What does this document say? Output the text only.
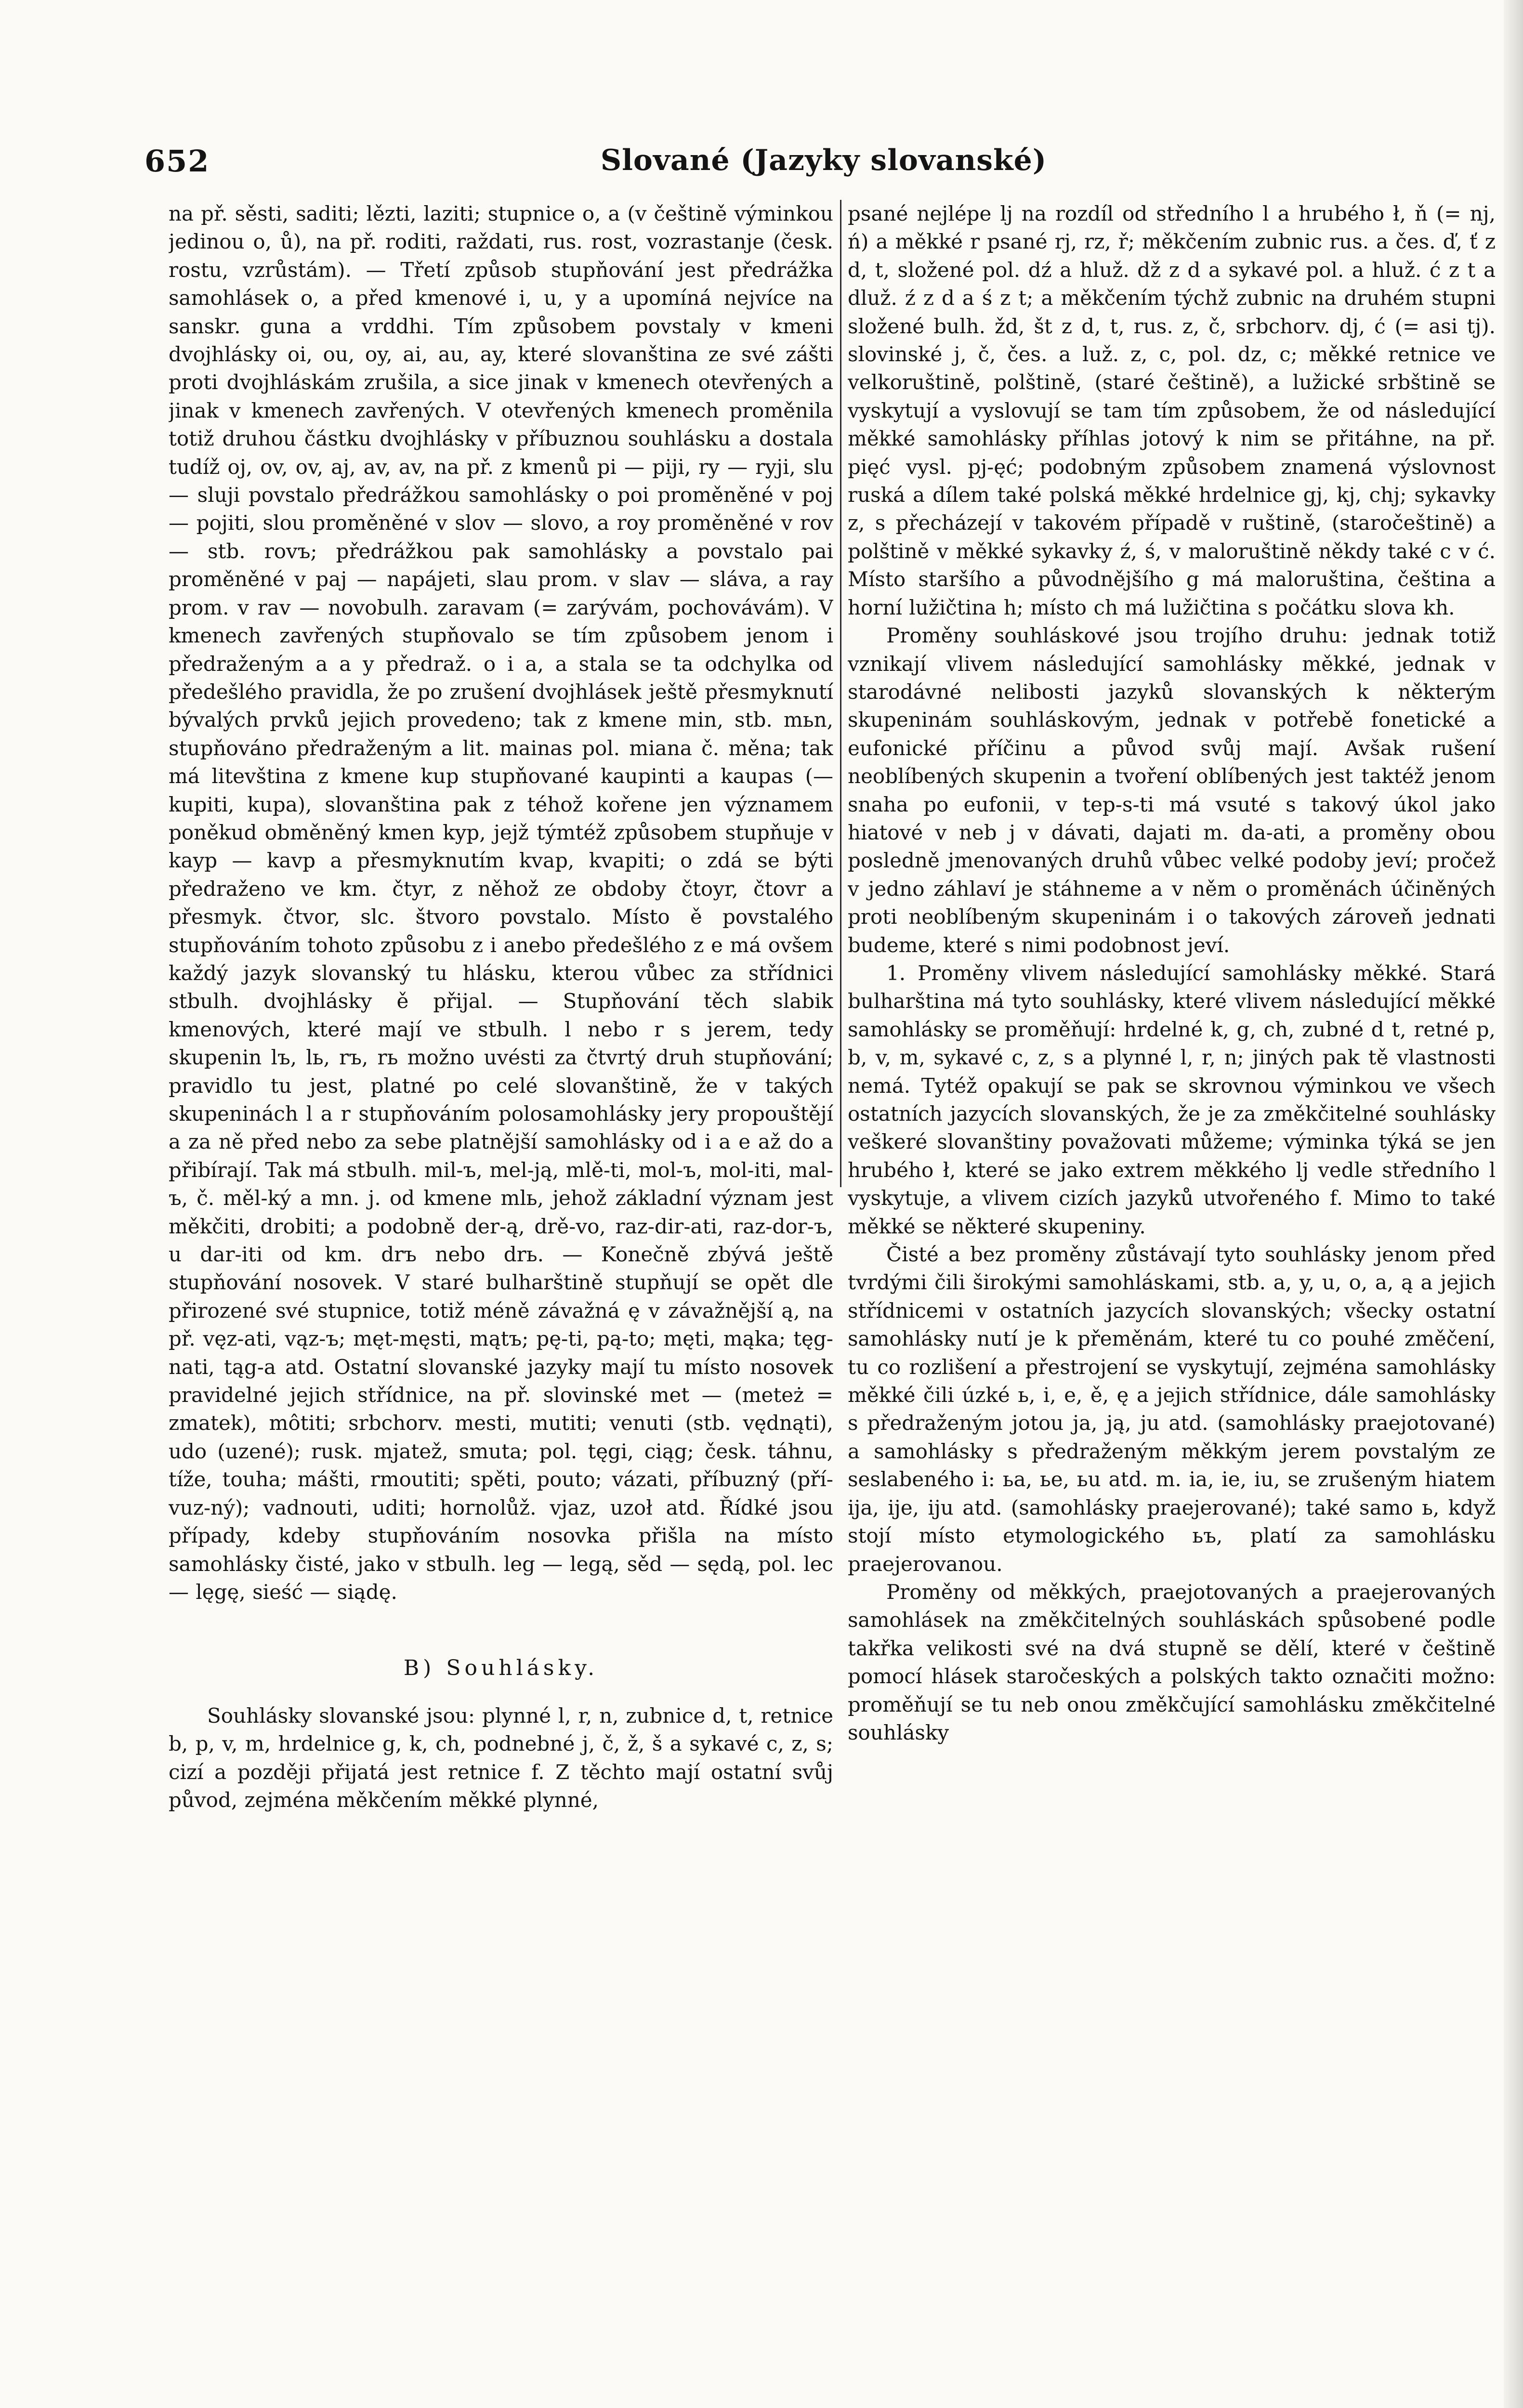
652	Slované (Jazyky slovanské)

na př. sěsti, saditi; lězti, laziti; stupnice o, a (v češtině výminkou jedinou o, ů), na př. roditi, raždati, rus. rost, vozrastanje (česk. rostu, vzrůstám). — Třetí způsob stupňování jest předrážka samohlásek o, a před kmenové i, u, y a upomíná nejvíce na sanskr. guna a vrddhi. Tím způsobem povstaly v kmeni dvojhlásky oi, ou, oy, ai, au, ay, které slovanština ze své zášti proti dvojhláskám zrušila, a sice jinak v kmenech otevřených a jinak v kmenech zavřených. V otevřených kmenech proměnila totiž druhou částku dvojhlásky v příbuznou souhlásku a dostala tudíž oj, ov, ov, aj, av, av, na př. z kmenů pi — piji, ry — ryji, slu — sluji povstalo předrážkou samohlásky o poi proměněné v poj — pojiti, slou proměněné v slov — slovo, a roy proměněné v rov — stb. rovъ; předrážkou pak samohlásky a povstalo pai proměněné v paj — napájeti, slau prom. v slav — sláva, a ray prom. v rav — novobulh. zaravam (= zarývám, pochovávám). V kmenech zavřených stupňovalo se tím způsobem jenom i předraženým a a y předraž. o i a, a stala se ta odchylka od předešlého pravidla, že po zrušení dvojhlásek ještě přesmyknutí bývalých prvků jejich provedeno; tak z kmene min, stb. mьn, stupňováno předraženým a lit. mainas pol. miana č. měna; tak má litevština z kmene kup stupňované kaupinti a kaupas (— kupiti, kupa), slovanština pak z téhož kořene jen významem poněkud obměněný kmen kyp, jejž týmtéž způsobem stupňuje v kayp — kavp a přesmyknutím kvap, kvapiti; o zdá se býti předraženo ve km. čtyr, z něhož ze obdoby čtoyr, čtovr a přesmyk. čtvor, slc. štvoro povstalo. Místo ě povstalého stupňováním tohoto způsobu z i anebo předešlého z e má ovšem každý jazyk slovanský tu hlásku, kterou vůbec za střídnici stbulh. dvojhlásky ě přijal. — Stupňování těch slabik kmenových, které mají ve stbulh. l nebo r s jerem, tedy skupenin lъ, lь, rъ, rь možno uvésti za čtvrtý druh stupňování; pravidlo tu jest, platné po celé slovanštině, že v takých skupeninách l a r stupňováním polosamohlásky jery propouštějí a za ně před nebo za sebe platnější samohlásky od i a e až do a přibírají. Tak má stbulh. mil-ъ, mel-ją, mlě-ti, mol-ъ, mol-iti, mal-ъ, č. měl-ký a mn. j. od kmene mlь, jehož základní význam jest měkčiti, drobiti; a podobně der-ą, drě-vo, raz-dir-ati, raz-dor-ъ, u dar-iti od km. drъ nebo drь. — Konečně zbývá ještě stupňování nosovek. V staré bulharštině stupňují se opět dle přirozené své stupnice, totiž méně závažná ę v závažnější ą, na př. vęz-ati, vąz-ъ; męt-męsti, mątъ; pę-ti, pą-to; męti, mąka; tęg-nati, tąg-a atd. Ostatní slovanské jazyky mají tu místo nosovek pravidelné jejich střídnice, na př. slovinské met — (meteż = zmatek), môtiti; srbchorv. mesti, mutiti; venuti (stb. vęd​nąti), udo (uzené); rusk. mjatež, smuta; pol. tęgi, ciąg; česk. táhnu, tíže, touha; mášti, rmoutiti; spěti, pouto; vázati, příbuzný (pří-vuz-ný); vadnouti, uditi; hornolůž. vjaz, uzoł atd. Řídké jsou případy, kdeby stupňováním nosovka přišla na místo samohlásky čisté, jako v stbulh. leg — legą, sěd — sędą, pol. lec — lęgę, sieść — siądę.

B) Souhlásky.

Souhlásky slovanské jsou: plynné l, r, n, zubnice d, t, retnice b, p, v, m, hrdelnice g, k, ch, podnebné j, č, ž, š a sykavé c, z, s; cizí a později přijatá jest retnice f. Z těchto mají ostatní svůj původ, zejména měkčením měkké plynné,

psané nejlépe lj na rozdíl od středního l a hrubého ł, ň (= nj, ń) a měkké r psané rj, rz, ř; měkčením zubnic rus. a čes. ď, ť z d, t, složené pol. dź a hluž. dž z d a sykavé pol. a hluž. ć z t a dluž. ź z d a ś z t; a měkčením týchž zubnic na druhém stupni složené bulh. žd, št z d, t, rus. z, č, srbchorv. dj, ć (= asi tj). slovinské j, č, čes. a luž. z, c, pol. dz, c; měkké retnice ve velkoruštině, polštině, (staré češtině), a lužické srbštině se vyskytují a vyslovují se tam tím způsobem, že od následující měkké samohlásky příhlas jotový k nim se přitáhne, na př. pięć vysl. pj-ęć; podobným způsobem znamená výslovnost ruská a dílem také polská měkké hrdelnice gj, kj, chj; sykavky z, s přecházejí v takovém případě v ruštině, (staročeštině) a polštině v měkké sykavky ź, ś, v maloruštině někdy také c v ć. Místo staršího a původnějšího g má maloruština, čeština a horní lužičtina h; místo ch má lužičtina s počátku slova kh.

Proměny souhláskové jsou trojího druhu: jednak totiž vznikají vlivem následující samohlásky měkké, jednak v starodávné nelibosti jazyků slovanských k některým skupeninám souhláskovým, jednak v potřebě fonetické a eufonické příčinu a původ svůj mají. Avšak rušení neoblíbených skupenin a tvoření oblíbených jest taktéž jenom snaha po eufonii, v tep-s-ti má vsuté s takový úkol jako hiatové v neb j v dávati, dajati m. da-ati, a proměny obou posledně jmenovaných druhů vůbec velké podoby jeví; pročež v jedno záhlaví je stáhneme a v něm o proměnách účiněných proti neoblíbeným skupeninám i o takových zároveň jednati budeme, které s nimi podobnost jeví.

1. Proměny vlivem následující samohlásky měkké. Stará bulharština má tyto souhlásky, které vlivem následující měkké samohlásky se proměňují: hrdelné k, g, ch, zubné d t, retné p, b, v, m, sykavé c, z, s a plynné l, r, n; jiných pak tě vlastnosti nemá. Tytéž opakují se pak se skrovnou výminkou ve všech ostatních jazycích slovanských, že je za změkčitelné souhlásky veškeré slovanštiny považovati můžeme; výminka týká se jen hrubého ł, které se jako extrem měkkého lj vedle středního l vyskytuje, a vlivem cizích jazyků utvořeného f. Mimo to také měkké se některé skupeniny.

Čisté a bez proměny zůstávají tyto souhlásky jenom před tvrdými čili širokými samohláskami, stb. a, y, u, o, a, ą a jejich střídnicemi v ostatních jazycích slovanských; všecky ostatní samohlásky nutí je k přeměnám, které tu co pouhé změčení, tu co rozlišení a přestrojení se vyskytují, zejména samohlásky měkké čili úzké ь, i, e, ě, ę a jejich střídnice, dále samohlásky s předraženým jotou ja, ją, ju atd. (samohlásky praejotované) a samohlásky s předraženým měkkým jerem povstalým ze seslabeného i: ьa, ьe, ьu atd. m. ia, ie, iu, se zrušeným hiatem ija, ije, iju atd. (samohlásky praejerované); také samo ь, když stojí místo etymologického ьъ, platí za samohlásku praejerovanou.

Proměny od měkkých, praejotovaných a praejerovaných samohlásek na změkčitelných souhláskách spůsobené podle takřka velikosti své na dvá stupně se dělí, které v češtině pomocí hlásek staročeských a polských takto označiti možno: proměňují se tu neb onou změkčující samohlásku změkčitelné souhlásky
